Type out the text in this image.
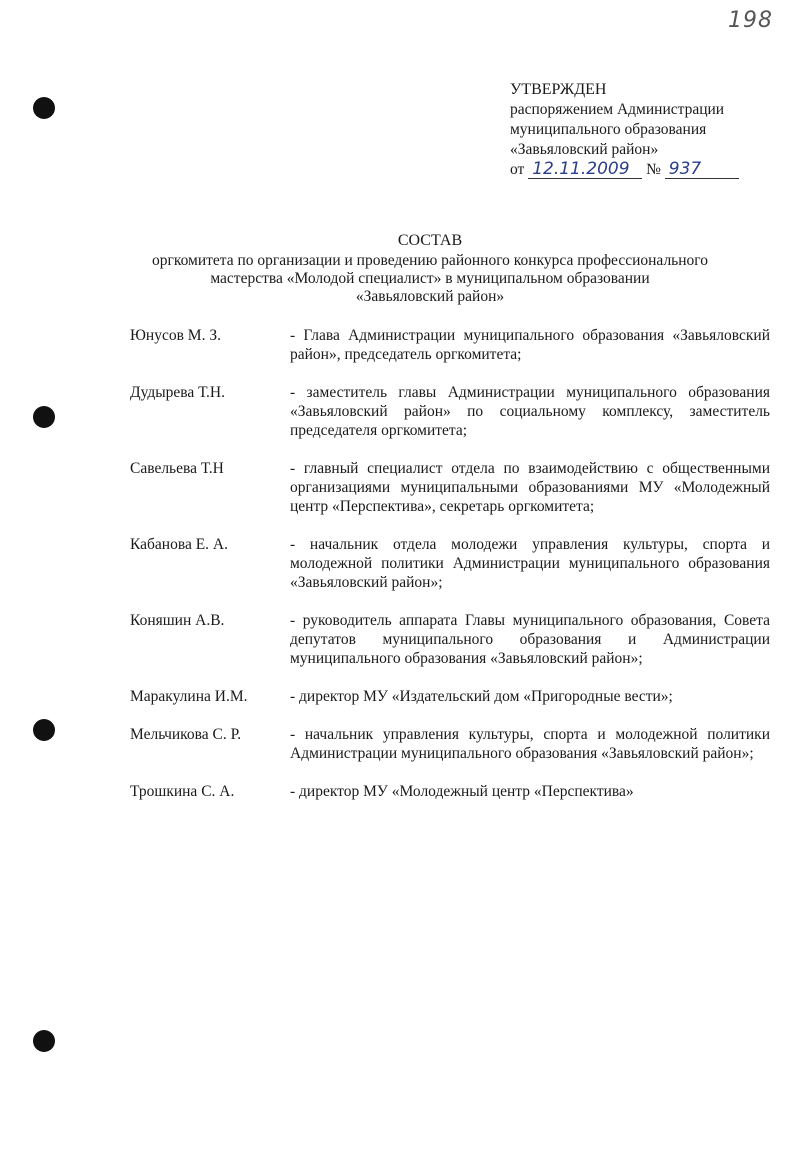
198
УТВЕРЖДЕН
распоряжением Администрации
муниципального образования
«Завьяловский район»
от 12.11.2009 № 937
СОСТАВ
оргкомитета по организации и проведению районного конкурса профессионального
мастерства «Молодой специалист» в муниципальном образовании
«Завьяловский район»
Юнусов М. З.	- Глава Администрации муниципального образования «Завьяловский район», председатель оргкомитета;
Дудырева Т.Н.	- заместитель главы Администрации муниципального образования «Завьяловский район» по социальному комплексу, заместитель председателя оргкомитета;
Савельева Т.Н	- главный специалист отдела по взаимодействию с общественными организациями муниципальными образованиями МУ «Молодежный центр «Перспектива», секретарь оргкомитета;
Кабанова Е. А.	- начальник отдела молодежи управления культуры, спорта и молодежной политики Администрации муниципального образования «Завьяловский район»;
Коняшин А.В.	- руководитель аппарата Главы муниципального образования, Совета депутатов муниципального образования и Администрации муниципального образования «Завьяловский район»;
Маракулина И.М.	- директор МУ «Издательский дом «Пригородные вести»;
Мельчикова С. Р.	- начальник управления культуры, спорта и молодежной политики Администрации муниципального образования «Завьяловский район»;
Трошкина С. А.	- директор МУ «Молодежный центр «Перспектива»
